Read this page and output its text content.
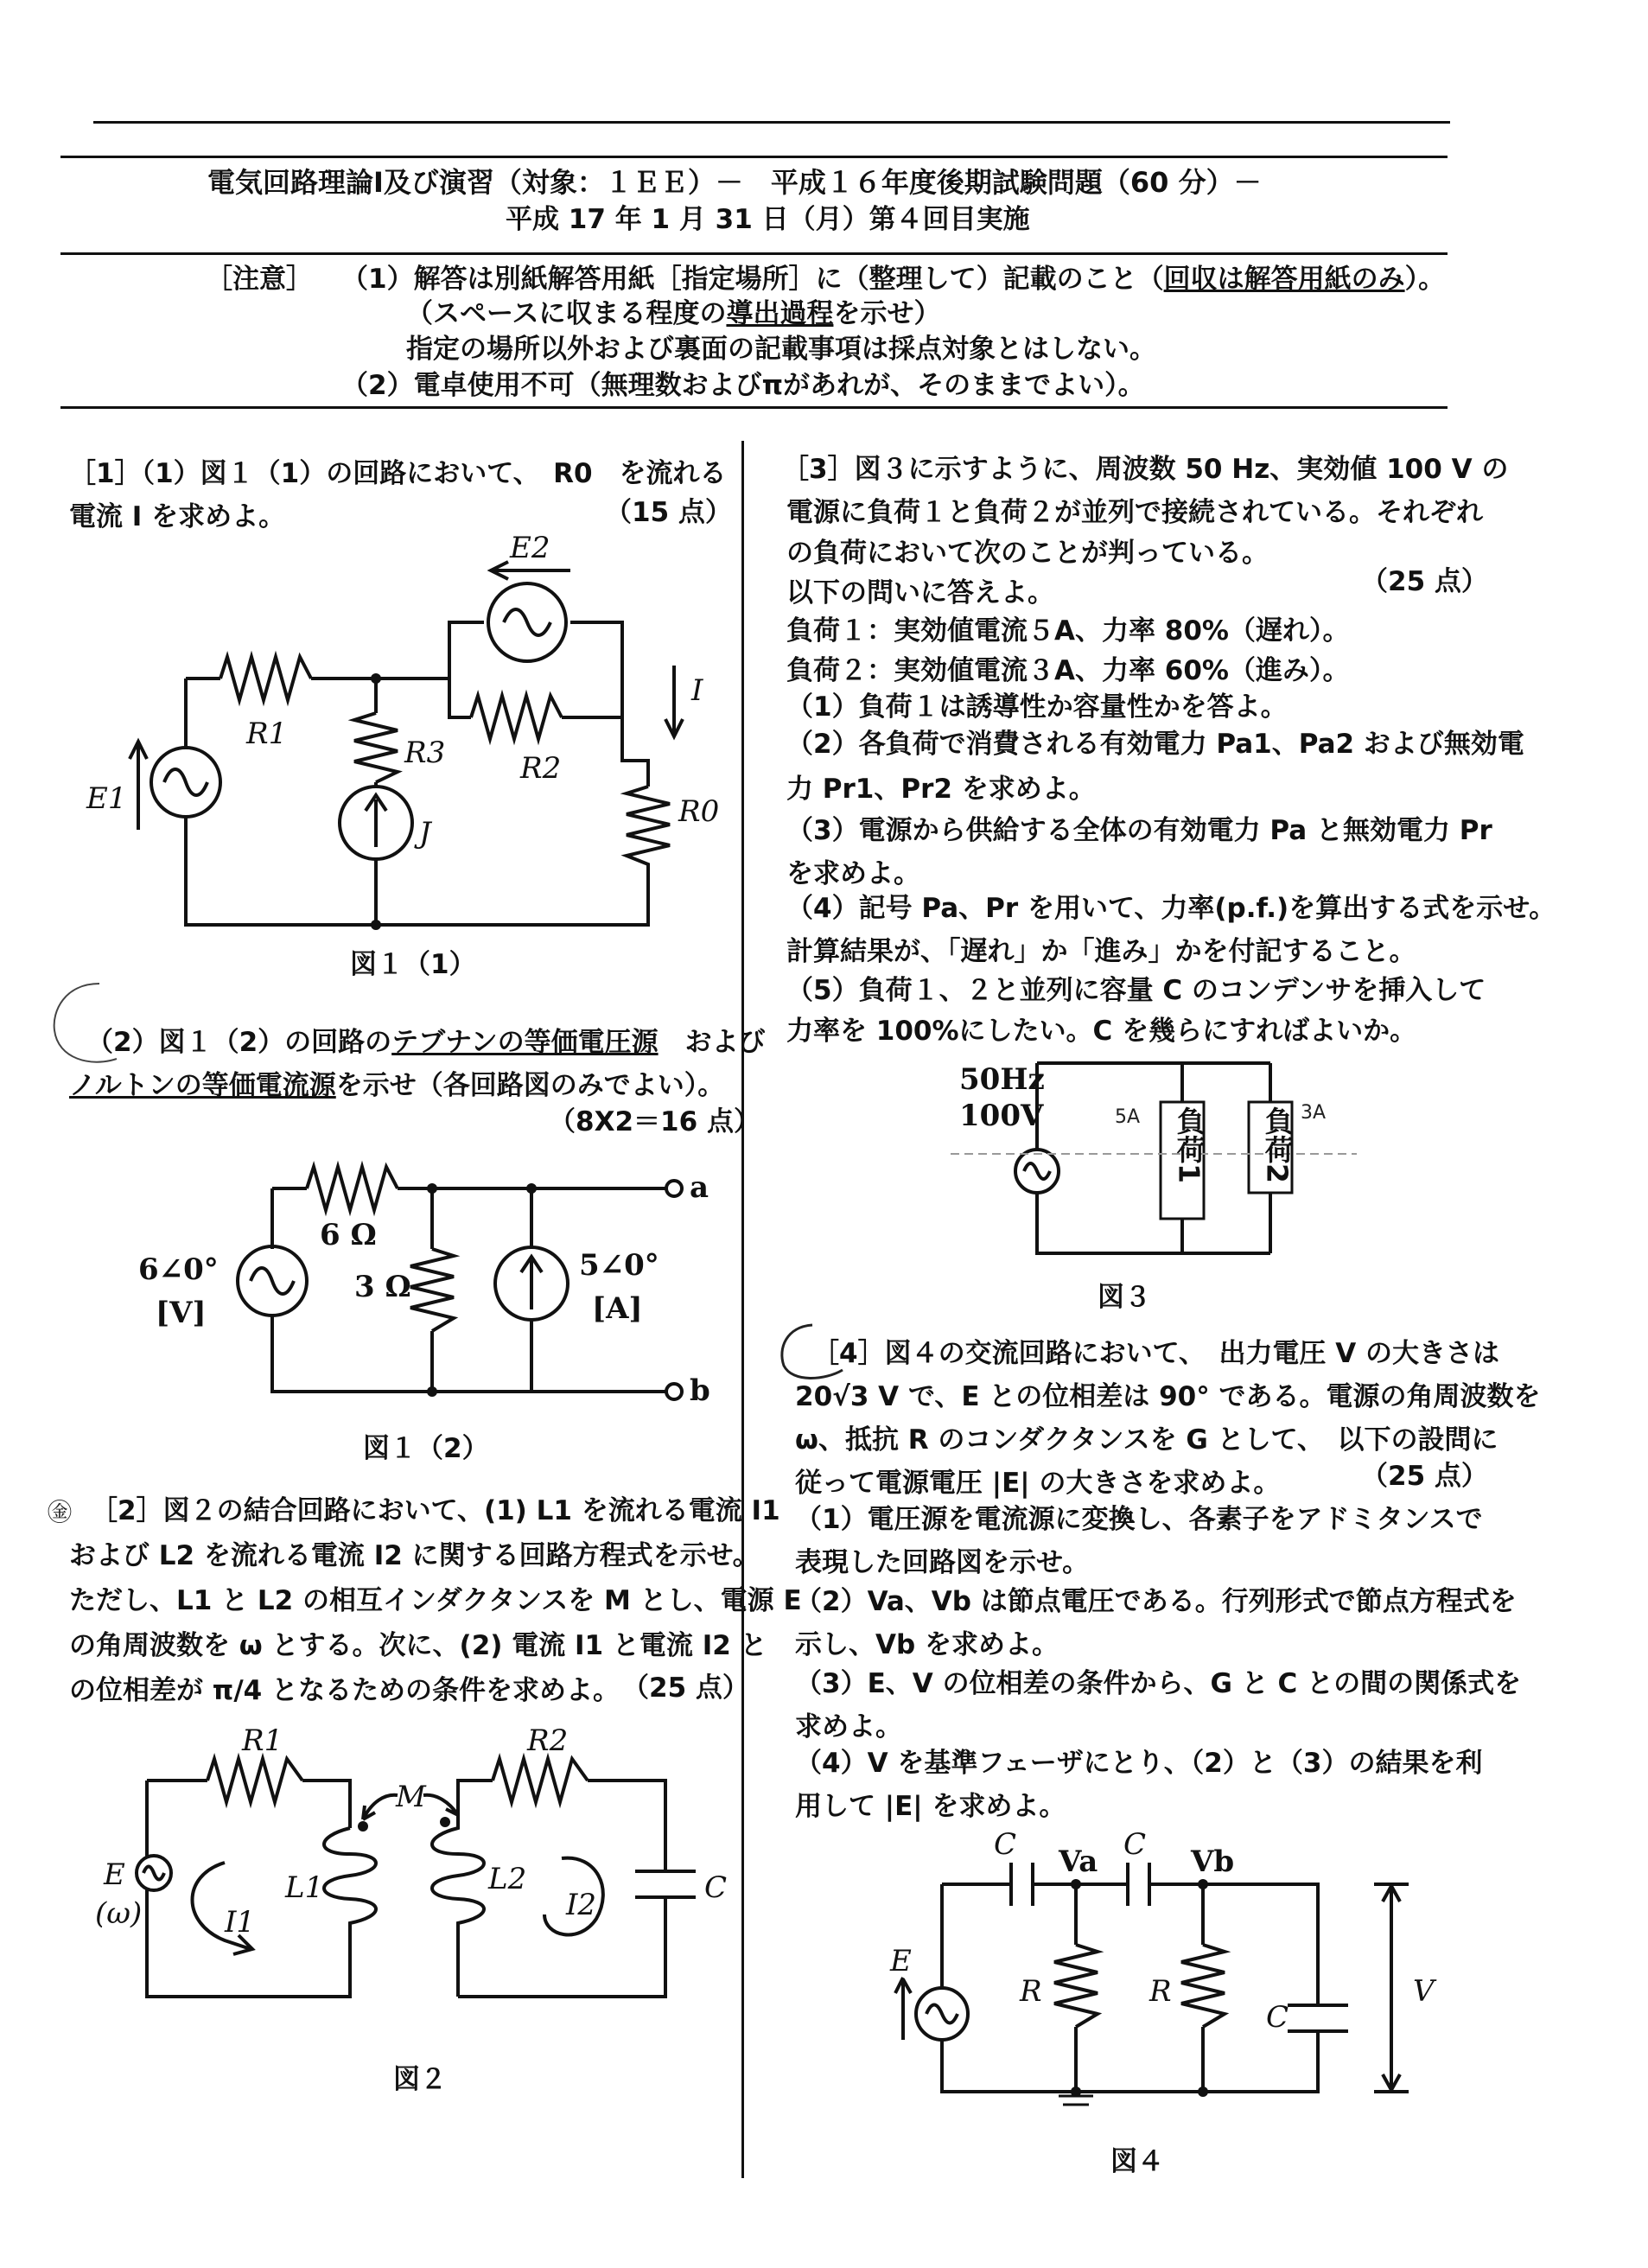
電気回路理論Ⅰ及び演習（対象：１ＥＥ）－　平成１６年度後期試験問題（60 分）－
平成 17 年 1 月 31 日（月）第４回目実施
［注意］ （1）解答は別紙解答用紙［指定場所］に（整理して）記載のこと（回収は解答用紙のみ）。
（スペースに収まる程度の導出過程を示せ）
指定の場所以外および裏面の記載事項は採点対象とはしない。
（2）電卓使用不可（無理数およびπがあれが、そのままでよい）。
［1］（1）図１（1）の回路において、　R0　を流れる
電流 I を求めよ。	（15 点）
E1
E2
R1
R2
R3
R0
J
I
図１（1）
（2）図１（2）の回路のテブナンの等価電圧源　および
ノルトンの等価電流源を示せ（各回路図のみでよい）。
（8X2＝16 点）
6 Ω
3 Ω
6∠0°
[V]
5∠0°
[A]
a
b
図１（2）
㊎ ［2］図２の結合回路において、(1) L1 を流れる電流 I1
および L2 を流れる電流 I2 に関する回路方程式を示せ。
ただし、L1 と L2 の相互インダクタンスを M とし、電源 E
の角周波数を ω とする。次に、(2) 電流 I1 と電流 I2 と
の位相差が π/4 となるための条件を求めよ。 （25 点）
R1	R2
M
E
(ω)	I1	I2
L1	L2	C
図２
［3］図３に示すように、周波数 50 Hz、実効値 100 V の
電源に負荷１と負荷２が並列で接続されている。それぞれ
の負荷において次のことが判っている。
以下の問いに答えよ。	（25 点）
負荷１：実効値電流５A、力率 80%（遅れ）。
負荷２：実効値電流３A、力率 60%（進み）。
（1）負荷１は誘導性か容量性かを答よ。
（2）各負荷で消費される有効電力 Pa1、Pa2 および無効電
力 Pr1、Pr2 を求めよ。
（3）電源から供給する全体の有効電力 Pa と無効電力 Pr
を求めよ。
（4）記号 Pa、Pr を用いて、力率(p.f.)を算出する式を示せ。
計算結果が、「遅れ」か「進み」かを付記すること。
（5）負荷１、２と並列に容量 C のコンデンサを挿入して
力率を 100%にしたい。C を幾らにすればよいか。
50Hz
100V	負荷1 負荷2
5A	3A
図３
［4］図４の交流回路において、　出力電圧 V の大きさは
20√3 V で、E との位相差は 90° である。電源の角周波数を
ω、抵抗 R のコンダクタンスを G として、　以下の設問に
従って電源電圧 |E| の大きさを求めよ。	（25 点）
（1）電圧源を電流源に変換し、各素子をアドミタンスで
表現した回路図を示せ。
（2）Va、Vb は節点電圧である。行列形式で節点方程式を
示し、Vb を求めよ。
（3）E、V の位相差の条件から、G と C との間の関係式を
求めよ。
（4）V を基準フェーザにとり、（2）と（3）の結果を利
用して |E| を求めよ。
C	C
C
Va	Vb
R	R
E
V
図４
